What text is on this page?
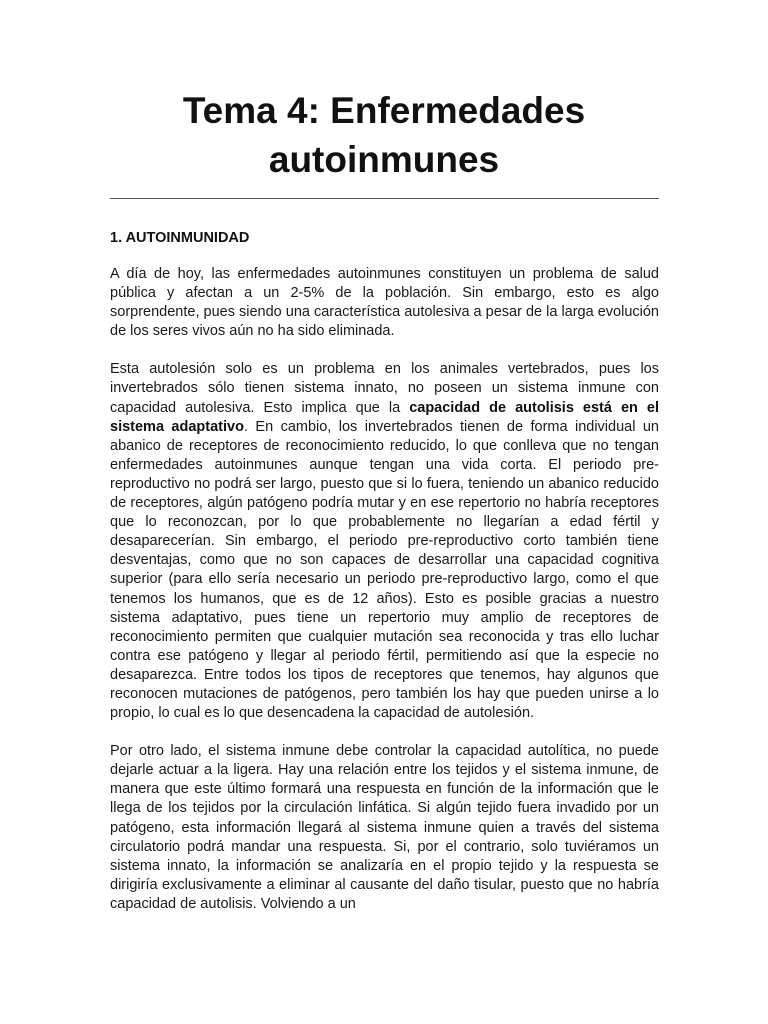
Tema 4: Enfermedades
autoinmunes
1. AUTOINMUNIDAD

A día de hoy, las enfermedades autoinmunes constituyen un problema de salud pública y afectan a un 2-5% de la población. Sin embargo, esto es algo sorprendente, pues siendo una característica autolesiva a pesar de la larga evolución de los seres vivos aún no ha sido eliminada.

Esta autolesión solo es un problema en los animales vertebrados, pues los invertebrados sólo tienen sistema innato, no poseen un sistema inmune con capacidad autolesiva. Esto implica que la capacidad de autolisis está en el sistema adaptativo. En cambio, los invertebrados tienen de forma individual un abanico de receptores de reconocimiento reducido, lo que conlleva que no tengan enfermedades autoinmunes aunque tengan una vida corta. El periodo pre-reproductivo no podrá ser largo, puesto que si lo fuera, teniendo un abanico reducido de receptores, algún patógeno podría mutar y en ese repertorio no habría receptores que lo reconozcan, por lo que probablemente no llegarían a edad fértil y desaparecerían. Sin embargo, el periodo pre-reproductivo corto también tiene desventajas, como que no son capaces de desarrollar una capacidad cognitiva superior (para ello sería necesario un periodo pre-reproductivo largo, como el que tenemos los humanos, que es de 12 años). Esto es posible gracias a nuestro sistema adaptativo, pues tiene un repertorio muy amplio de receptores de reconocimiento permiten que cualquier mutación sea reconocida y tras ello luchar contra ese patógeno y llegar al periodo fértil, permitiendo así que la especie no desaparezca. Entre todos los tipos de receptores que tenemos, hay algunos que reconocen mutaciones de patógenos, pero también los hay que pueden unirse a lo propio, lo cual es lo que desencadena la capacidad de autolesión.

Por otro lado, el sistema inmune debe controlar la capacidad autolítica, no puede dejarle actuar a la ligera. Hay una relación entre los tejidos y el sistema inmune, de manera que este último formará una respuesta en función de la información que le llega de los tejidos por la circulación linfática. Si algún tejido fuera invadido por un patógeno, esta información llegará al sistema inmune quien a través del sistema circulatorio podrá mandar una respuesta. Si, por el contrario, solo tuviéramos un sistema innato, la información se analizaría en el propio tejido y la respuesta se dirigiría exclusivamente a eliminar al causante del daño tisular, puesto que no habría capacidad de autolisis. Volviendo a un
